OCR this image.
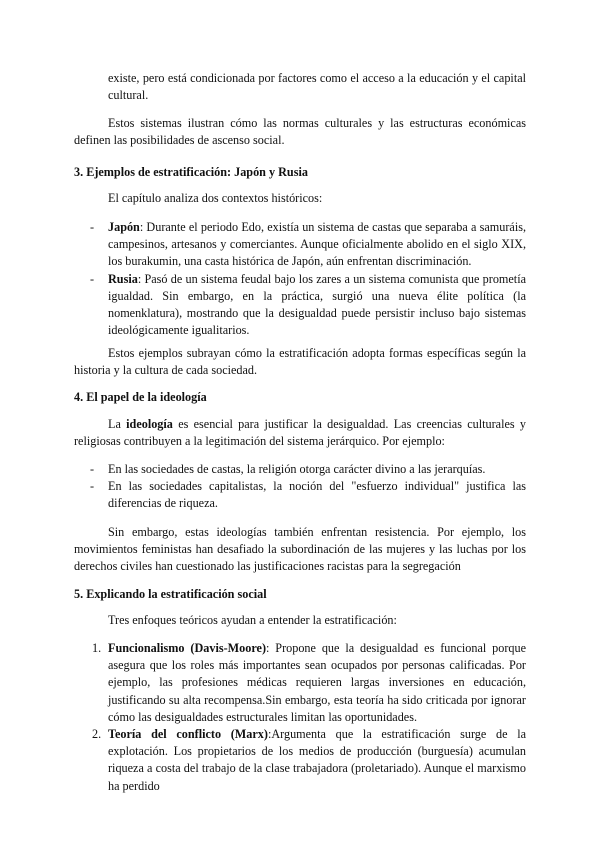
existe, pero está condicionada por factores como el acceso a la educación y el capital cultural.
Estos sistemas ilustran cómo las normas culturales y las estructuras económicas definen las posibilidades de ascenso social.
3. Ejemplos de estratificación: Japón y Rusia
El capítulo analiza dos contextos históricos:
- Japón: Durante el periodo Edo, existía un sistema de castas que separaba a samuráis, campesinos, artesanos y comerciantes. Aunque oficialmente abolido en el siglo XIX, los burakumin, una casta histórica de Japón, aún enfrentan discriminación.
- Rusia: Pasó de un sistema feudal bajo los zares a un sistema comunista que prometía igualdad. Sin embargo, en la práctica, surgió una nueva élite política (la nomenklatura), mostrando que la desigualdad puede persistir incluso bajo sistemas ideológicamente igualitarios.
Estos ejemplos subrayan cómo la estratificación adopta formas específicas según la historia y la cultura de cada sociedad.
4. El papel de la ideología
La ideología es esencial para justificar la desigualdad. Las creencias culturales y religiosas contribuyen a la legitimación del sistema jerárquico. Por ejemplo:
- En las sociedades de castas, la religión otorga carácter divino a las jerarquías.
- En las sociedades capitalistas, la noción del "esfuerzo individual" justifica las diferencias de riqueza.
Sin embargo, estas ideologías también enfrentan resistencia. Por ejemplo, los movimientos feministas han desafiado la subordinación de las mujeres y las luchas por los derechos civiles han cuestionado las justificaciones racistas para la segregación
5. Explicando la estratificación social
Tres enfoques teóricos ayudan a entender la estratificación:
1. Funcionalismo (Davis-Moore): Propone que la desigualdad es funcional porque asegura que los roles más importantes sean ocupados por personas calificadas. Por ejemplo, las profesiones médicas requieren largas inversiones en educación, justificando su alta recompensa.Sin embargo, esta teoría ha sido criticada por ignorar cómo las desigualdades estructurales limitan las oportunidades.
2. Teoría del conflicto (Marx):Argumenta que la estratificación surge de la explotación. Los propietarios de los medios de producción (burguesía) acumulan riqueza a costa del trabajo de la clase trabajadora (proletariado). Aunque el marxismo ha perdido
